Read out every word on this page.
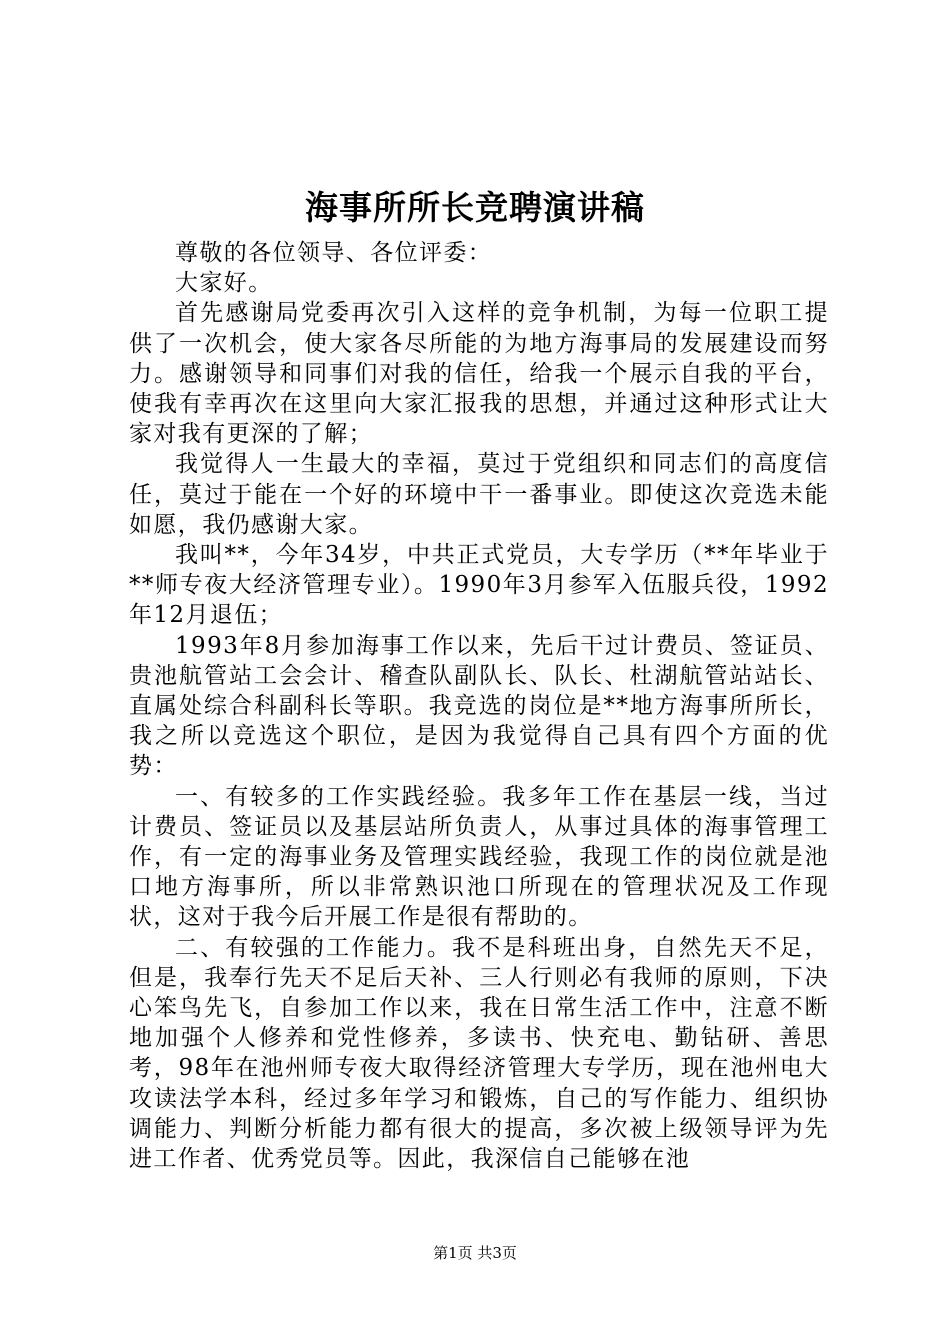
海事所所长竞聘演讲稿

尊敬的各位领导、各位评委：

大家好。

首先感谢局党委再次引入这样的竞争机制，为每一位职工提供了一次机会，使大家各尽所能的为地方海事局的发展建设而努力。感谢领导和同事们对我的信任，给我一个展示自我的平台，使我有幸再次在这里向大家汇报我的思想，并通过这种形式让大家对我有更深的了解；

我觉得人一生最大的幸福，莫过于党组织和同志们的高度信任，莫过于能在一个好的环境中干一番事业。即使这次竞选未能如愿，我仍感谢大家。

我叫**，今年34岁，中共正式党员，大专学历（**年毕业于**师专夜大经济管理专业）。1990年3月参军入伍服兵役，1992年12月退伍；

1993年8月参加海事工作以来，先后干过计费员、签证员、贵池航管站工会会计、稽查队副队长、队长、杜湖航管站站长、直属处综合科副科长等职。我竞选的岗位是**地方海事所所长，我之所以竞选这个职位，是因为我觉得自己具有四个方面的优势：

一、有较多的工作实践经验。我多年工作在基层一线，当过计费员、签证员以及基层站所负责人，从事过具体的海事管理工作，有一定的海事业务及管理实践经验，我现工作的岗位就是池口地方海事所，所以非常熟识池口所现在的管理状况及工作现状，这对于我今后开展工作是很有帮助的。

二、有较强的工作能力。我不是科班出身，自然先天不足，但是，我奉行先天不足后天补、三人行则必有我师的原则，下决心笨鸟先飞，自参加工作以来，我在日常生活工作中，注意不断地加强个人修养和党性修养，多读书、快充电、勤钻研、善思考，98年在池州师专夜大取得经济管理大专学历，现在池州电大攻读法学本科，经过多年学习和锻炼，自己的写作能力、组织协调能力、判断分析能力都有很大的提高，多次被上级领导评为先进工作者、优秀党员等。因此，我深信自己能够在池

第1页 共3页
